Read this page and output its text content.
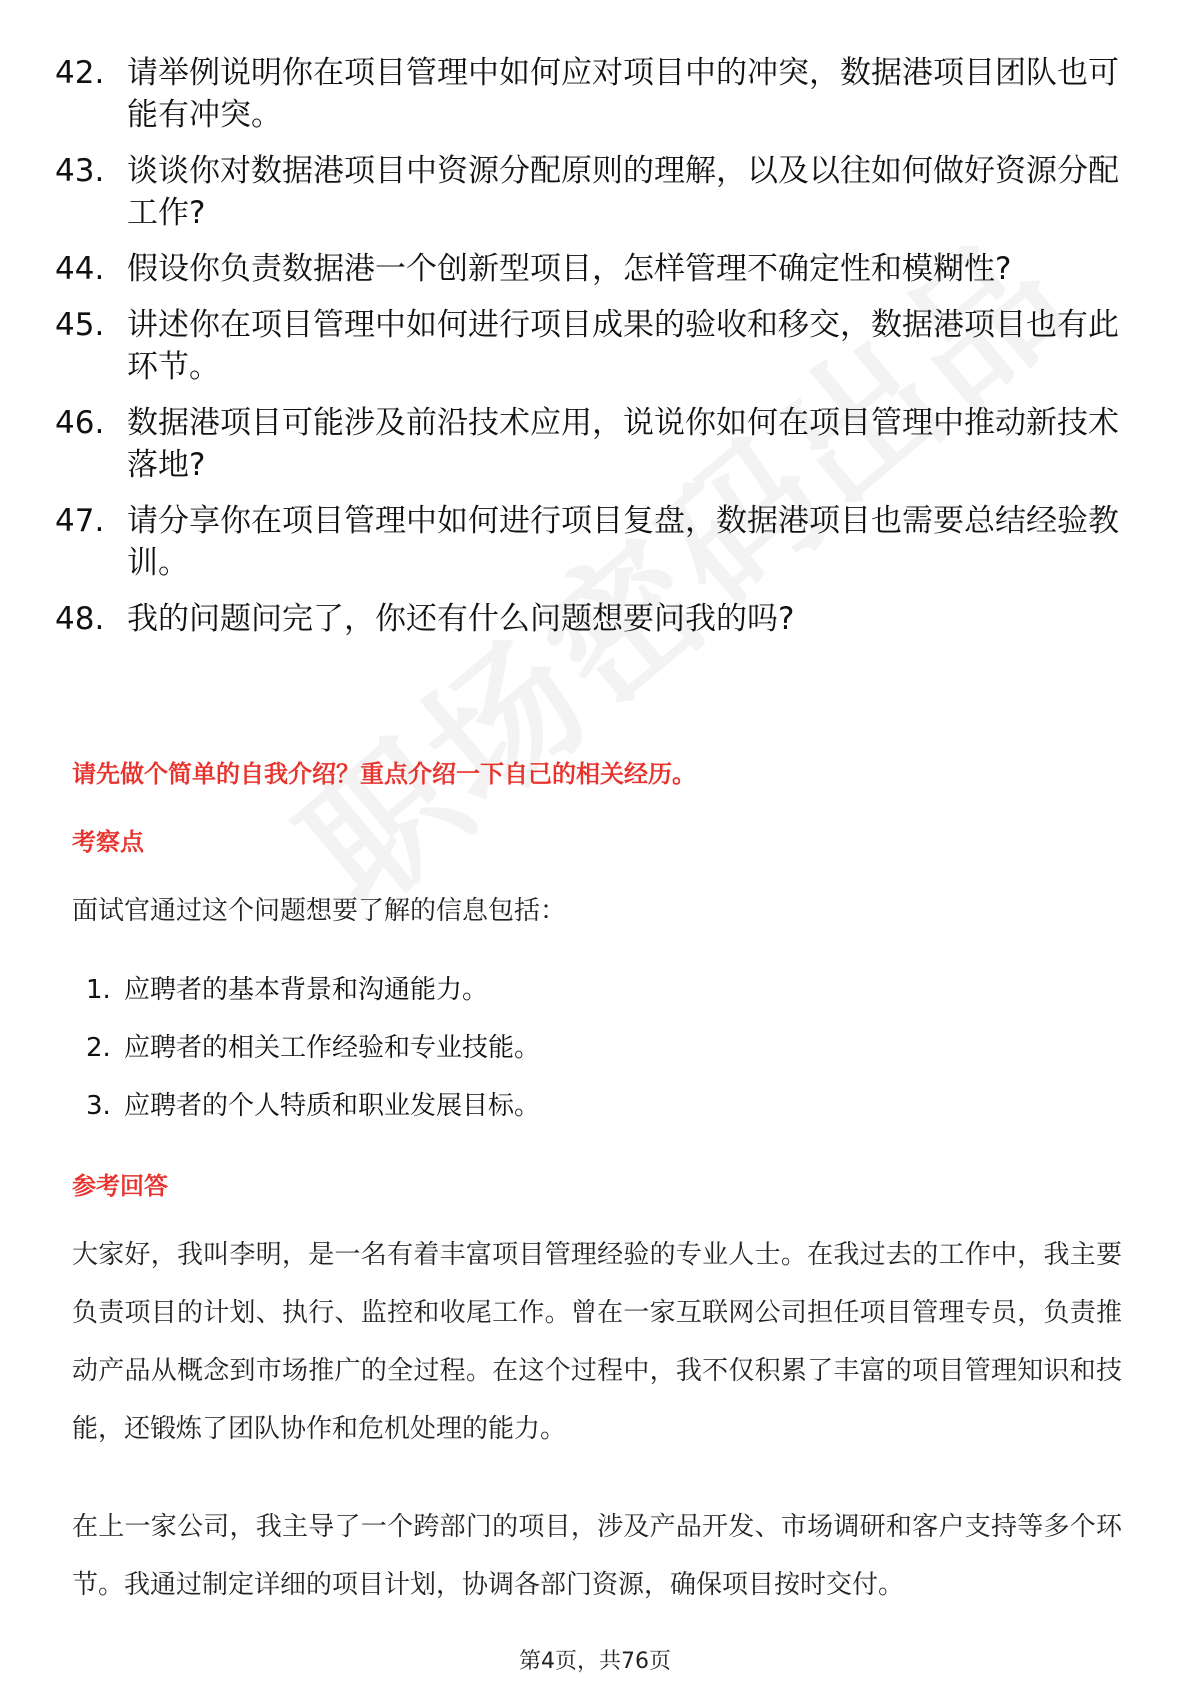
42. 请举例说明你在项目管理中如何应对项目中的冲突，数据港项目团队也可能有冲突。
43. 谈谈你对数据港项目中资源分配原则的理解，以及以往如何做好资源分配工作?
44. 假设你负责数据港一个创新型项目，怎样管理不确定性和模糊性?
45. 讲述你在项目管理中如何进行项目成果的验收和移交，数据港项目也有此环节。
46. 数据港项目可能涉及前沿技术应用，说说你如何在项目管理中推动新技术落地?
47. 请分享你在项目管理中如何进行项目复盘，数据港项目也需要总结经验教训。
48. 我的问题问完了，你还有什么问题想要问我的吗?
请先做个简单的自我介绍？重点介绍一下自己的相关经历。
考察点
面试官通过这个问题想要了解的信息包括：
1. 应聘者的基本背景和沟通能力。
2. 应聘者的相关工作经验和专业技能。
3. 应聘者的个人特质和职业发展目标。
参考回答
大家好，我叫李明，是一名有着丰富项目管理经验的专业人士。在我过去的工作中，我主要负责项目的计划、执行、监控和收尾工作。曾在一家互联网公司担任项目管理专员，负责推动产品从概念到市场推广的全过程。在这个过程中，我不仅积累了丰富的项目管理知识和技能，还锻炼了团队协作和危机处理的能力。
在上一家公司，我主导了一个跨部门的项目，涉及产品开发、市场调研和客户支持等多个环节。我通过制定详细的项目计划，协调各部门资源，确保项目按时交付。
第4页，共76页
